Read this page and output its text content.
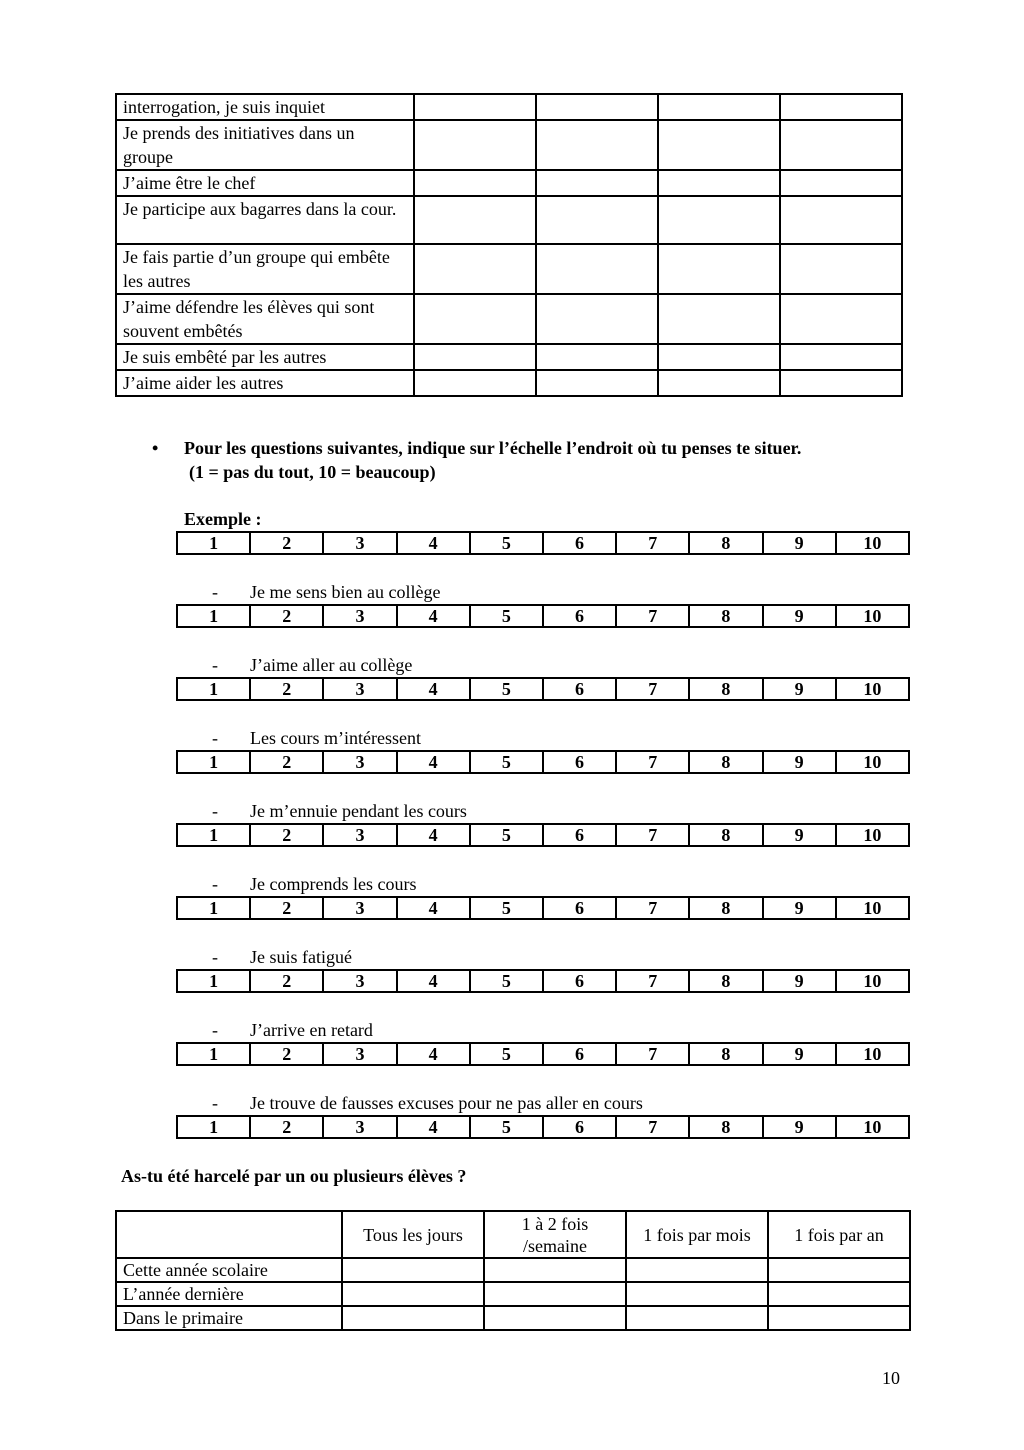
interrogation, je suis inquiet				
Je prends des initiatives dans un groupe				
J’aime être le chef				
Je participe aux bagarres dans la cour.				
Je fais partie d’un groupe qui embête les autres				
J’aime défendre les élèves qui sont souvent embêtés				
Je suis embêté par les autres				
J’aime aider les autres				
• Pour les questions suivantes, indique sur l’échelle l’endroit où tu penses te situer.
(1 = pas du tout, 10 = beaucoup)
Exemple :
1	2	3	4	5	6	7	8	9	10
- Je me sens bien au collège
1	2	3	4	5	6	7	8	9	10
- J’aime aller au collège
1	2	3	4	5	6	7	8	9	10
- Les cours m’intéressent
1	2	3	4	5	6	7	8	9	10
- Je m’ennuie pendant les cours
1	2	3	4	5	6	7	8	9	10
- Je comprends les cours
1	2	3	4	5	6	7	8	9	10
- Je suis fatigué
1	2	3	4	5	6	7	8	9	10
- J’arrive en retard
1	2	3	4	5	6	7	8	9	10
- Je trouve de fausses excuses pour ne pas aller en cours
1	2	3	4	5	6	7	8	9	10
As-tu été harcelé par un ou plusieurs élèves ?
	Tous les jours	1 à 2 fois /semaine	1 fois par mois	1 fois par an
Cette année scolaire				
L’année dernière				
Dans le primaire				
10
